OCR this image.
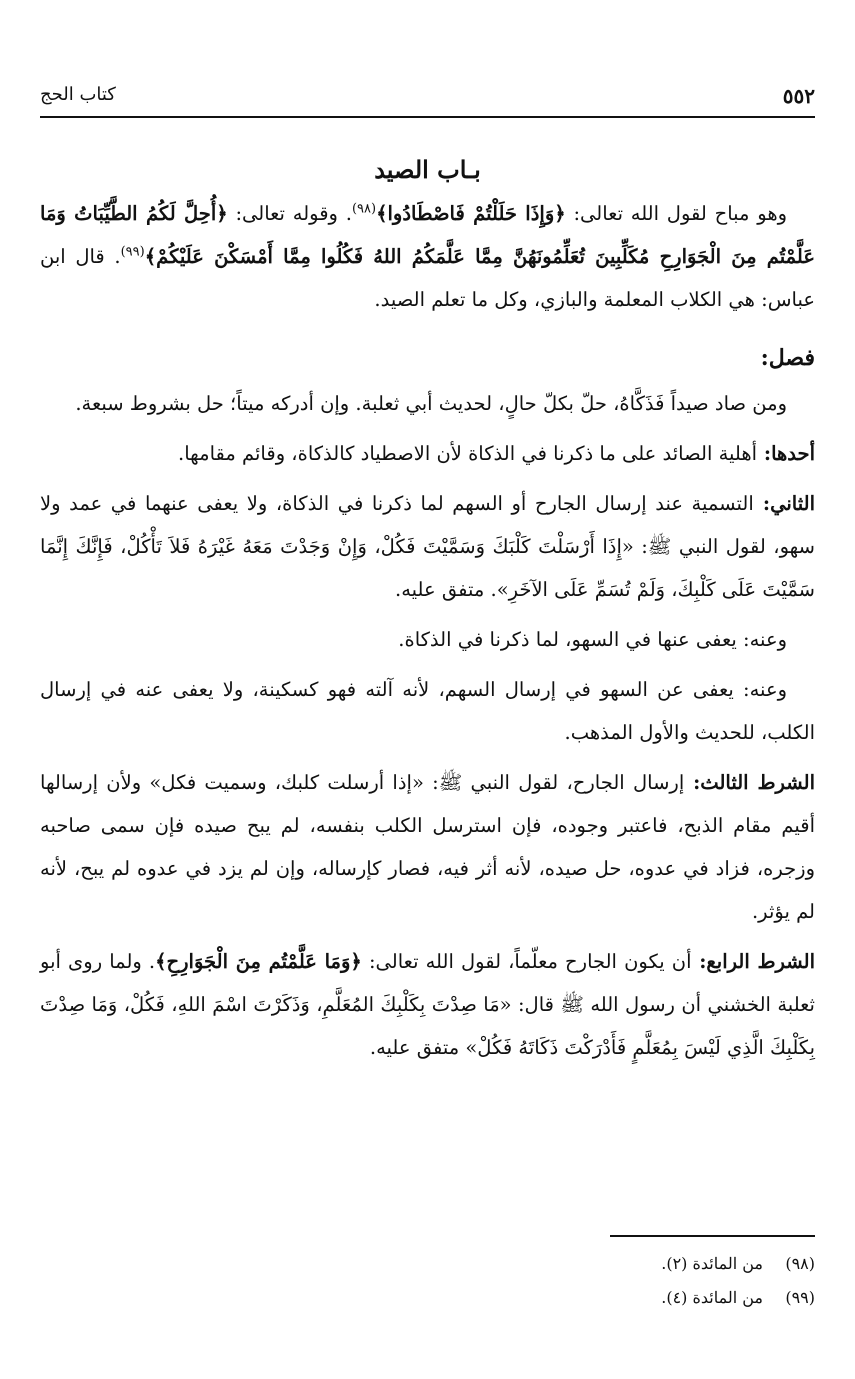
٥٥٢
كتاب الحج
بـاب الصيد

وهو مباح لقول الله تعالى: ﴿وَإِذَا حَلَلْتُمْ فَاصْطَادُوا﴾$^{(٩٨)}$. وقوله تعالى: ﴿أُحِلَّ لَكُمُ الطَّيِّبَاتُ وَمَا عَلَّمْتُم مِنَ الْجَوَارِحِ مُكَلِّبِينَ تُعَلِّمُونَهُنَّ مِمَّا عَلَّمَكُمُ اللهُ فَكُلُوا مِمَّا أَمْسَكْنَ عَلَيْكُمْ﴾$^{(٩٩)}$. قال ابن عباس: هي الكلاب المعلمة والبازي، وكل ما تعلم الصيد.

فصل:

ومن صاد صيداً فَذَكَّاهُ، حلّ بكلّ حالٍ، لحديث أبي ثعلبة. وإن أدركه ميتاً؛ حل بشروط سبعة.

أحدها: أهلية الصائد على ما ذكرنا في الذكاة لأن الاصطياد كالذكاة، وقائم مقامها.

الثاني: التسمية عند إرسال الجارح أو السهم لما ذكرنا في الذكاة، ولا يعفى عنهما في عمد ولا سهو، لقول النبي ﷺ: «إِذَا أَرْسَلْتَ كَلْبَكَ وَسَمَّيْتَ فَكُلْ، وَإِنْ وَجَدْتَ مَعَهُ غَيْرَهُ فَلاَ تَأْكُلْ، فَإِنَّكَ إِنَّمَا سَمَّيْتَ عَلَى كَلْبِكَ، وَلَمْ تُسَمِّ عَلَى الآخَرِ». متفق عليه.

وعنه: يعفى عنها في السهو، لما ذكرنا في الذكاة.

وعنه: يعفى عن السهو في إرسال السهم، لأنه آلته فهو كسكينة، ولا يعفى عنه في إرسال الكلب، للحديث والأول المذهب.

الشرط الثالث: إرسال الجارح، لقول النبي ﷺ: «إذا أرسلت كلبك، وسميت فكل» ولأن إرسالها أقيم مقام الذبح، فاعتبر وجوده، فإن استرسل الكلب بنفسه، لم يبح صيده فإن سمى صاحبه وزجره، فزاد في عدوه، حل صيده، لأنه أثر فيه، فصار كإرساله، وإن لم يزد في عدوه لم يبح، لأنه لم يؤثر.

الشرط الرابع: أن يكون الجارح معلّماً، لقول الله تعالى: ﴿وَمَا عَلَّمْتُم مِنَ الْجَوَارِحِ﴾. ولما روى أبو ثعلبة الخشني أن رسول الله ﷺ قال: «مَا صِدْتَ بِكَلْبِكَ المُعَلَّمِ، وَذَكَرْتَ اسْمَ اللهِ، فَكُلْ، وَمَا صِدْتَ بِكَلْبِكَ الَّذِي لَيْسَ بِمُعَلَّمٍ فَأَدْرَكْتَ ذَكَاتَهُ فَكُلْ» متفق عليه.

(٩٨)من المائدة (٢).
(٩٩)من المائدة (٤).
